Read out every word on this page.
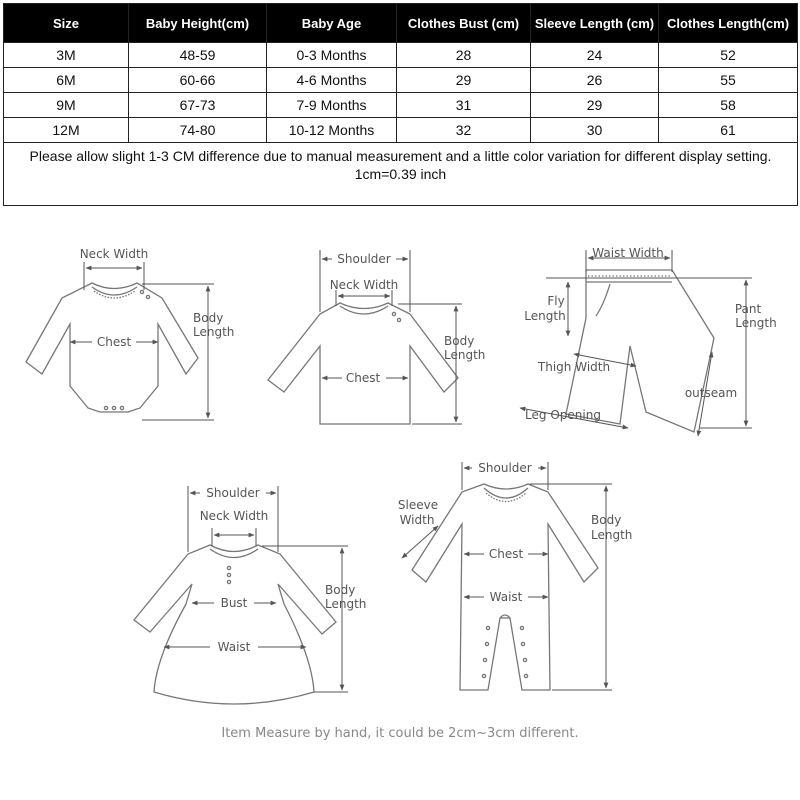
Size	Baby Height(cm)	Baby Age	Clothes Bust (cm)	Sleeve Length (cm)	Clothes Length(cm)
3M	48-59	0-3 Months	28	24	52
6M	60-66	4-6 Months	29	26	55
9M	67-73	7-9 Months	31	29	58
12M	74-80	10-12 Months	32	30	61
Please allow slight 1-3 CM difference due to manual measurement and a little color variation for different display setting. 1cm=0.39 inch					
Neck Width
Chest
Body
Length
Shoulder
Neck Width
Chest
Body
Length
Waist Width
Fly
Length	Pant
Length
Thigh Width
outseam
Leg Opening
Shoulder
Neck Width
Bust
Waist
Body
Length
Shoulder
Sleeve
Width
Chest
Waist
Body
Length
Item Measure by hand, it could be 2cm~3cm different.
